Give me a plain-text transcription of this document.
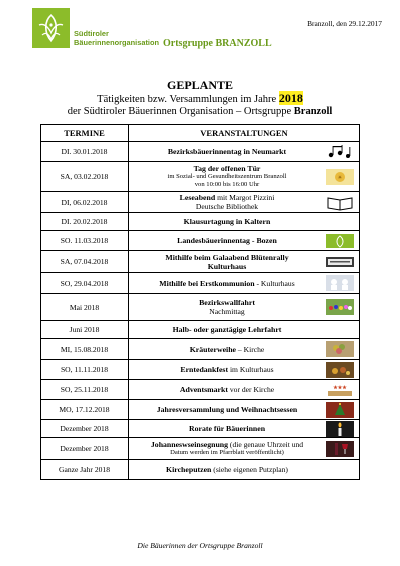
Südtiroler
Bäuerinnenorganisation Ortsgruppe BRANZOLL
Branzoll, den 29.12.2017
GEPLANTE
Tätigkeiten bzw. Versammlungen im Jahre 2018
der Südtiroler Bäuerinnen Organisation – Ortsgruppe Branzoll
TERMINE	VERANSTALTUNGEN
DI. 30.01.2018	Bezirksbäuerinnentag in Neumarkt

SA, 03.02.2018	Tag der offenen Tür
im Sozial- und Gesundheitszentrum Branzoll
von 10:00 bis 16:00 Uhr
☀

DI, 06.02.2018	Leseabend mit Margot Pizzini
Deutsche Bibliothek

DI. 20.02.2018	Klausurtagung in Kaltern

SO. 11.03.2018	Landesbäuerinnentag - Bozen

SA, 07.04.2018	Mithilfe beim Galaabend Blütenrally
Kulturhaus

SO, 29.04.2018	Mithilfe bei Erstkommunion - Kulturhaus

Mai 2018	Bezirkswallfahrt
Nachmittag

Juni 2018	Halb- oder ganztägige Lehrfahrt

MI, 15.08.2018	Kräuterweihe – Kirche

SO, 11.11.2018	Erntedankfest im Kulturhaus

SO, 25.11.2018	Adventsmarkt vor der Kirche ★★★

MO, 17.12.2018	Jahresversammlung und Weihnachtsessen

Dezember 2018	Rorate für Bäuerinnen

Dezember 2018	Johanneswseinsegnung (die genaue Uhrzeit und
Datum werden im Pfarrblatt veröffentlicht)

Ganze Jahr 2018	Kircheputzen (siehe eigenen Putzplan)
Die Bäuerinnen der Ortsgruppe Branzoll
